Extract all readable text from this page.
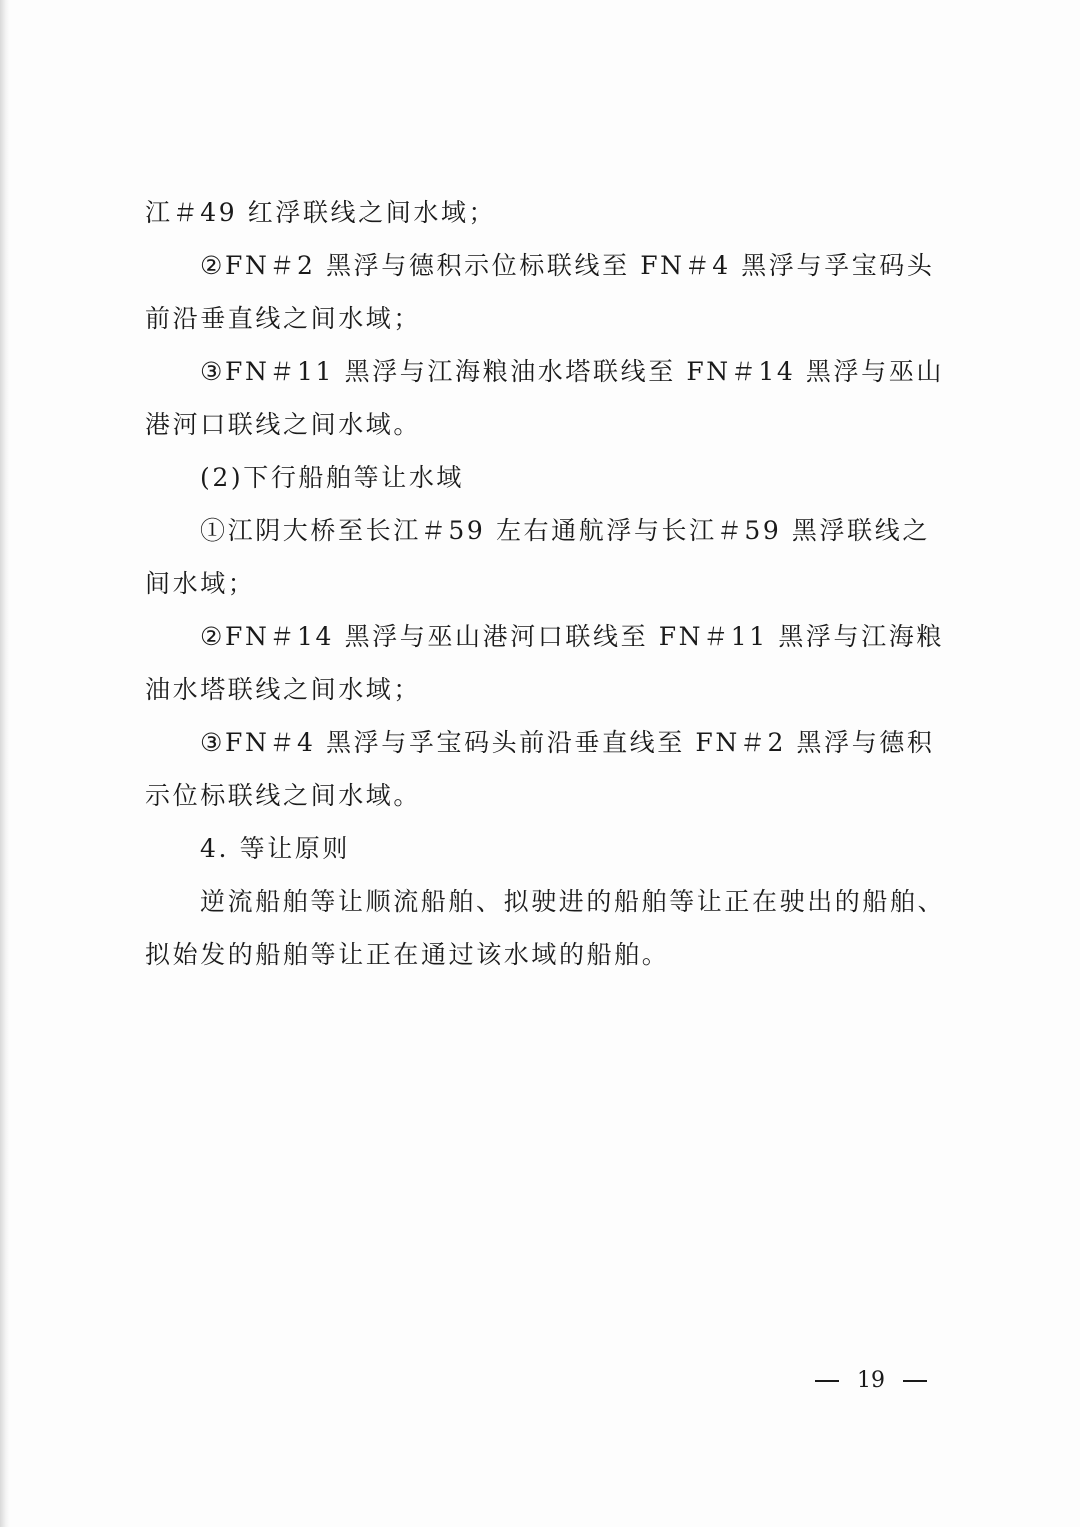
江＃49 红浮联线之间水域；
②FN＃2 黑浮与德积示位标联线至 FN＃4 黑浮与孚宝码头
前沿垂直线之间水域；
③FN＃11 黑浮与江海粮油水塔联线至 FN＃14 黑浮与巫山
港河口联线之间水域。
(2)下行船舶等让水域
①江阴大桥至长江＃59 左右通航浮与长江＃59 黑浮联线之
间水域；
②FN＃14 黑浮与巫山港河口联线至 FN＃11 黑浮与江海粮
油水塔联线之间水域；
③FN＃4 黑浮与孚宝码头前沿垂直线至 FN＃2 黑浮与德积
示位标联线之间水域。
4. 等让原则
逆流船舶等让顺流船舶、拟驶进的船舶等让正在驶出的船舶、
拟始发的船舶等让正在通过该水域的船舶。
19
